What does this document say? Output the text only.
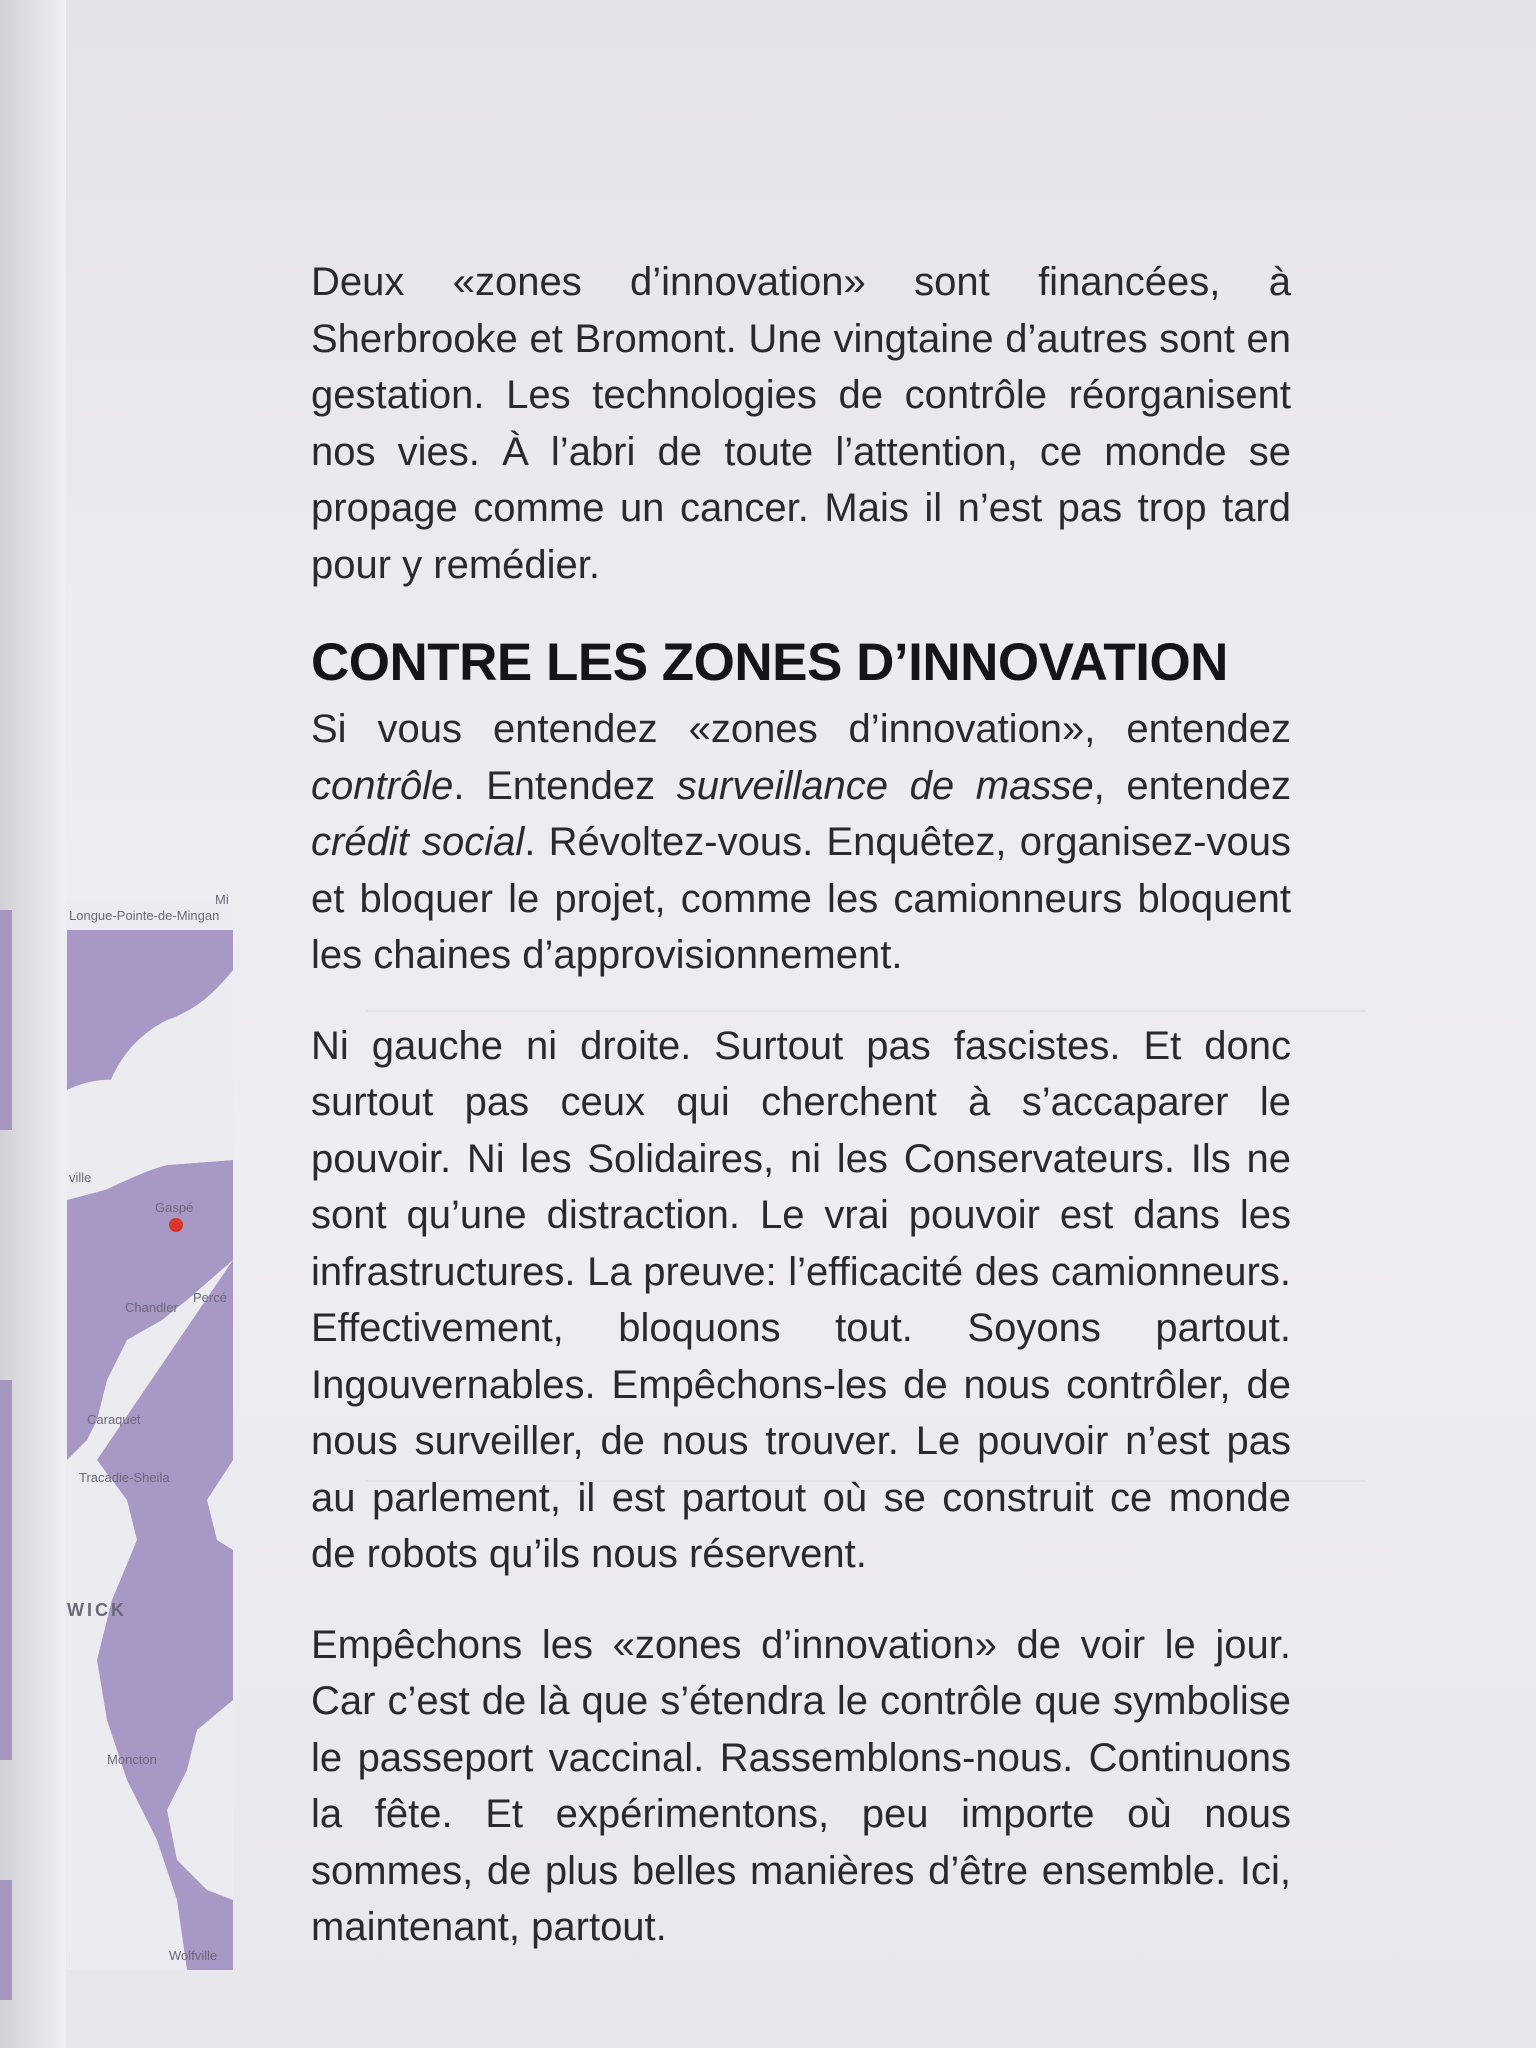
Longue-Pointe-de-Mingan
Mi
ville
Gaspé
Percé
Chandler
Caraquet
Tracadie-Sheila
WICK
Moncton
Wolfville

Deux «zones d’innovation» sont financées, à Sherbrooke et Bromont. Une vingtaine d’autres sont en gestation. Les technologies de contrôle réorganisent nos vies. À l’abri de toute l’attention, ce monde se propage comme un cancer. Mais il n’est pas trop tard pour y remédier.

CONTRE LES ZONES D’INNOVATION

Si vous entendez «zones d’innovation», entendez contrôle. Entendez surveillance de masse, entendez crédit social. Révoltez-vous. Enquêtez, organisez-vous et bloquer le projet, comme les camionneurs bloquent les chaines d’approvisionnement.

Ni gauche ni droite. Surtout pas fascistes. Et donc surtout pas ceux qui cherchent à s’accaparer le pouvoir. Ni les Solidaires, ni les Conservateurs. Ils ne sont qu’une distraction. Le vrai pouvoir est dans les infrastructures. La preuve: l’efficacité des camionneurs. Effectivement, bloquons tout. Soyons partout. Ingouvernables. Empêchons-les de nous contrôler, de nous surveiller, de nous trouver. Le pouvoir n’est pas au parlement, il est partout où se construit ce monde de robots qu’ils nous réservent.

Empêchons les «zones d’innovation» de voir le jour. Car c’est de là que s’étendra le contrôle que symbolise le passeport vaccinal. Rassemblons-nous. Continuons la fête. Et expérimentons, peu importe où nous sommes, de plus belles manières d’être ensemble. Ici, maintenant, partout.
